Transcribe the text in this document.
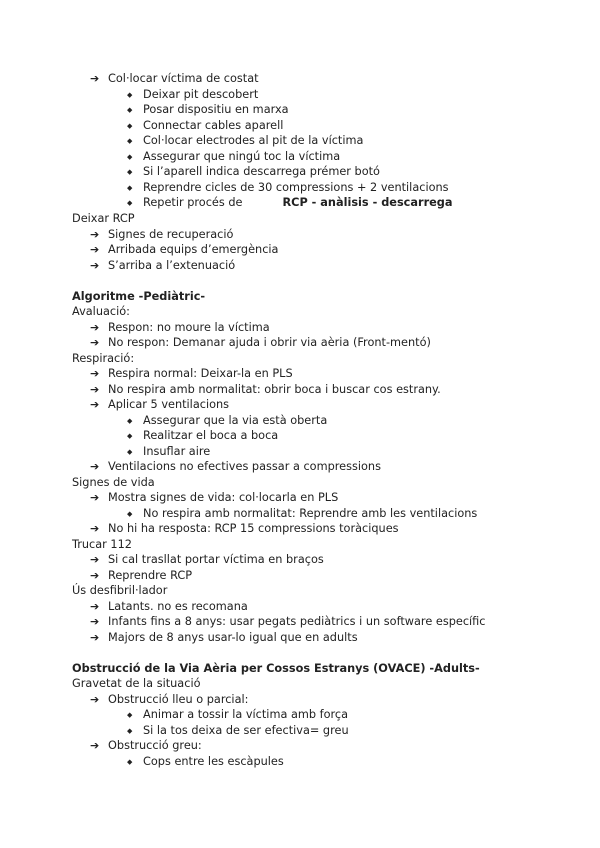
➔ Col·locar víctima de costat
◆ Deixar pit descobert
◆ Posar dispositiu en marxa
◆ Connectar cables aparell
◆ Col·locar electrodes al pit de la víctima
◆ Assegurar que ningú toc la víctima
◆ Si l’aparell indica descarrega prémer botó
◆ Reprendre cicles de 30 compressions + 2 ventilacions
◆ Repetir procés de	RCP - anàlisis - descarrega
Deixar RCP
➔ Signes de recuperació
➔ Arribada equips d’emergència
➔ S’arriba a l’extenuació
Algoritme -Pediàtric-
Avaluació:
➔ Respon: no moure la víctima
➔ No respon: Demanar ajuda i obrir via aèria (Front-mentó)
Respiració:
➔ Respira normal: Deixar-la en PLS
➔ No respira amb normalitat: obrir boca i buscar cos estrany.
➔ Aplicar 5 ventilacions
◆ Assegurar que la via està oberta
◆ Realitzar el boca a boca
◆ Insuflar aire
➔ Ventilacions no efectives passar a compressions
Signes de vida
➔ Mostra signes de vida: col·locarla en PLS
◆ No respira amb normalitat: Reprendre amb les ventilacions
➔ No hi ha resposta: RCP 15 compressions toràciques
Trucar 112
➔ Si cal trasllat portar víctima en braços
➔ Reprendre RCP
Ús desfibril·lador
➔ Latants. no es recomana
➔ Infants fins a 8 anys: usar pegats pediàtrics i un software específic
➔ Majors de 8 anys usar-lo igual que en adults
Obstrucció de la Via Aèria per Cossos Estranys (OVACE) -Adults-
Gravetat de la situació
➔ Obstrucció lleu o parcial:
◆ Animar a tossir la víctima amb força
◆ Si la tos deixa de ser efectiva= greu
➔ Obstrucció greu:
◆ Cops entre les escàpules
